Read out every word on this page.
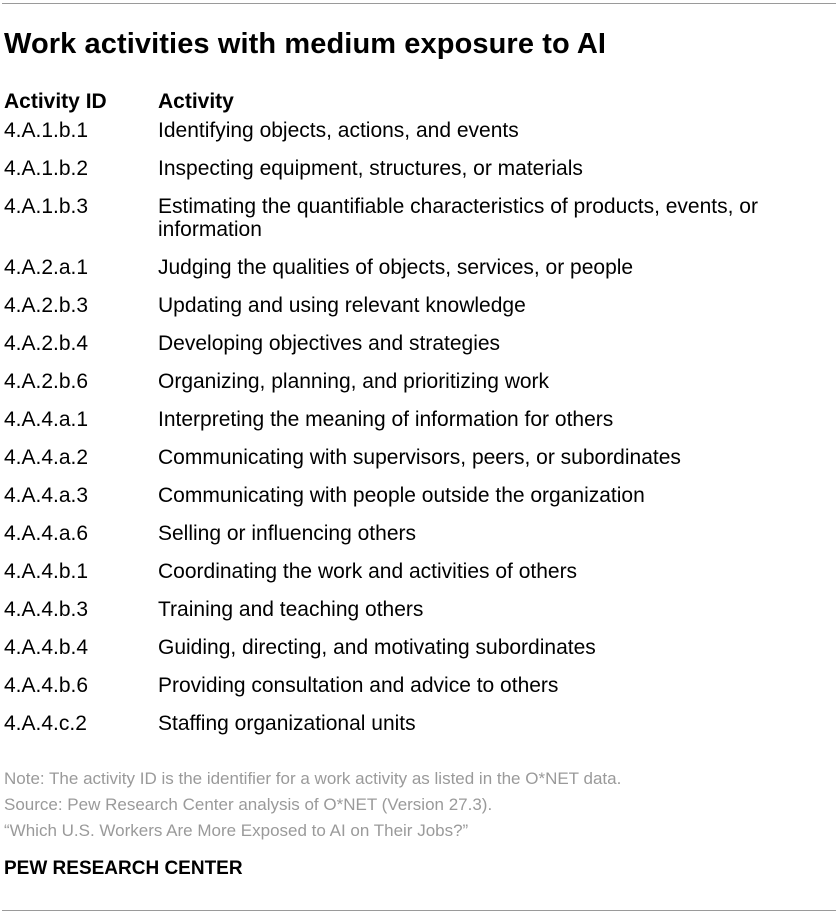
Work activities with medium exposure to AI
Activity ID	Activity
4.A.1.b.1	Identifying objects, actions, and events
4.A.1.b.2	Inspecting equipment, structures, or materials
4.A.1.b.3	Estimating the quantifiable characteristics of products, events, or information
4.A.2.a.1	Judging the qualities of objects, services, or people
4.A.2.b.3	Updating and using relevant knowledge
4.A.2.b.4	Developing objectives and strategies
4.A.2.b.6	Organizing, planning, and prioritizing work
4.A.4.a.1	Interpreting the meaning of information for others
4.A.4.a.2	Communicating with supervisors, peers, or subordinates
4.A.4.a.3	Communicating with people outside the organization
4.A.4.a.6	Selling or influencing others
4.A.4.b.1	Coordinating the work and activities of others
4.A.4.b.3	Training and teaching others
4.A.4.b.4	Guiding, directing, and motivating subordinates
4.A.4.b.6	Providing consultation and advice to others
4.A.4.c.2	Staffing organizational units
Note: The activity ID is the identifier for a work activity as listed in the O*NET data.
Source: Pew Research Center analysis of O*NET (Version 27.3).
“Which U.S. Workers Are More Exposed to AI on Their Jobs?”
PEW RESEARCH CENTER
